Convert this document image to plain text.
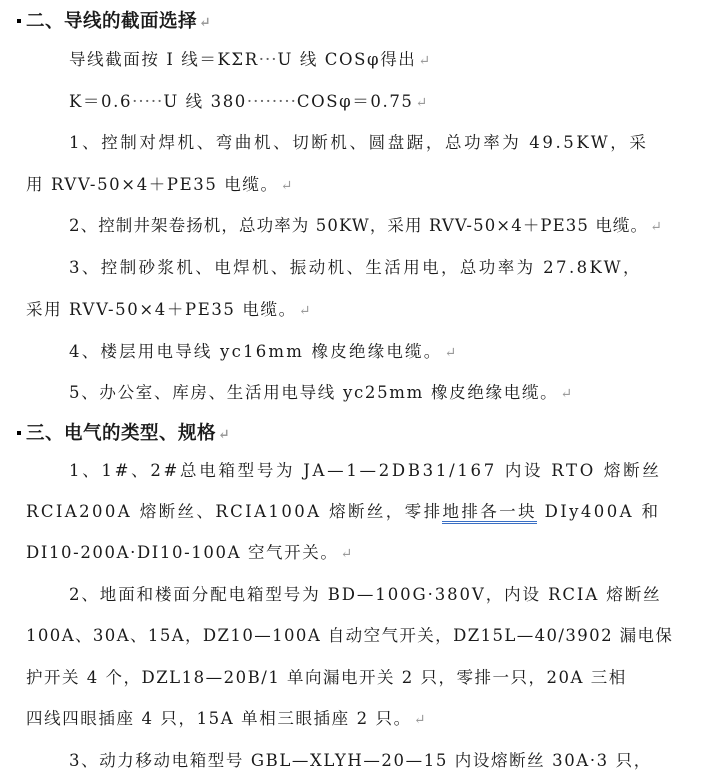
二、导线的截面选择 ↵
导线截面按 I 线＝KΣR···U 线 COSφ得出 ↵
K＝0.6·····U 线 380········COSφ＝0.75 ↵
1、控制对焊机、弯曲机、切断机、圆盘踞，总功率为 49.5KW，采
用 RVV-50×4＋PE35 电缆。 ↵
2、控制井架卷扬机，总功率为 50KW，采用 RVV-50×4＋PE35 电缆。 ↵
3、控制砂浆机、电焊机、振动机、生活用电，总功率为 27.8KW，
采用 RVV-50×4＋PE35 电缆。 ↵
4、楼层用电导线 yc16mm 橡皮绝缘电缆。 ↵
5、办公室、库房、生活用电导线 yc25mm 橡皮绝缘电缆。 ↵
三、电气的类型、规格 ↵
1、1#、2#总电箱型号为 JA—1—2DB31/167 内设 RTO 熔断丝
RCIA200A 熔断丝、RCIA100A 熔断丝，零排地排各一块 DIy400A 和
DI10-200A·DI10-100A 空气开关。 ↵
2、地面和楼面分配电箱型号为 BD—100G·380V，内设 RCIA 熔断丝
100A、30A、15A，DZ10—100A 自动空气开关，DZ15L—40/3902 漏电保
护开关 4 个，DZL18—20B/1 单向漏电开关 2 只，零排一只，20A 三相
四线四眼插座 4 只，15A 单相三眼插座 2 只。 ↵
3、动力移动电箱型号 GBL—XLYH—20—15 内设熔断丝 30A·3 只，
